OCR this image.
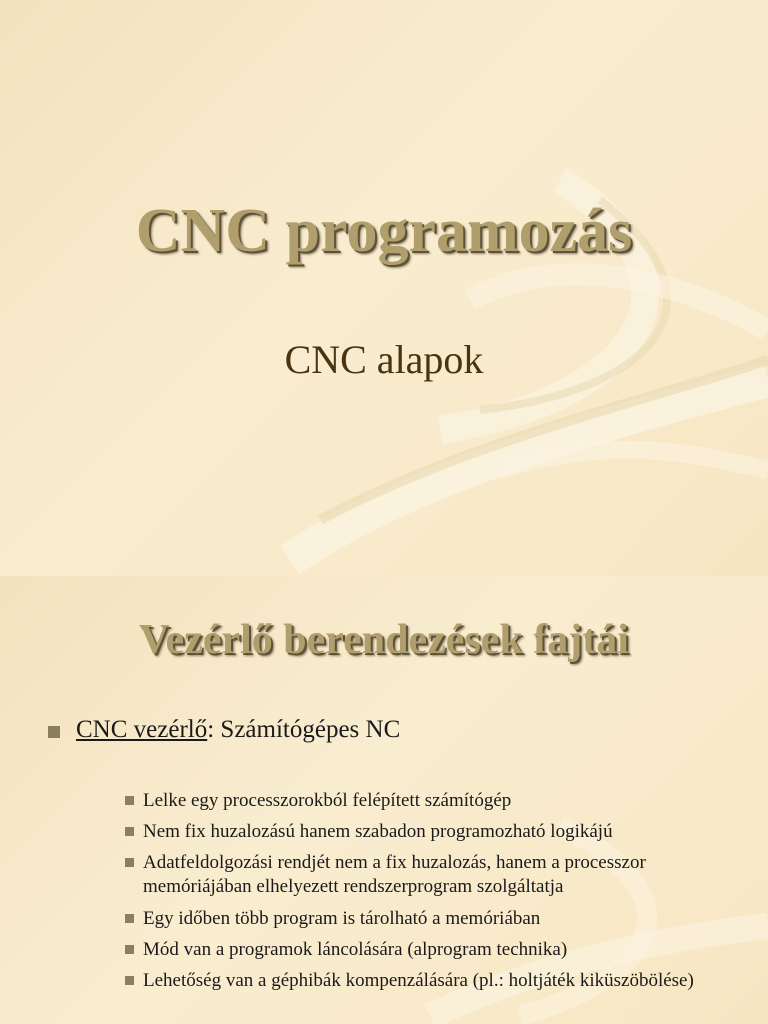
CNC programozás

CNC alapok

Vezérlő berendezések fajtái
CNC vezérlő: Számítógépes NC
Lelke egy processzorokból felépített számítógép
Nem fix huzalozású hanem szabadon programozható logikájú
Adatfeldolgozási rendjét nem a fix huzalozás, hanem a processzor memóriájában elhelyezett rendszerprogram szolgáltatja
Egy időben több program is tárolható a memóriában
Mód van a programok láncolására (alprogram technika)
Lehetőség van a géphibák kompenzálására (pl.: holtjáték kiküszöbölése)
